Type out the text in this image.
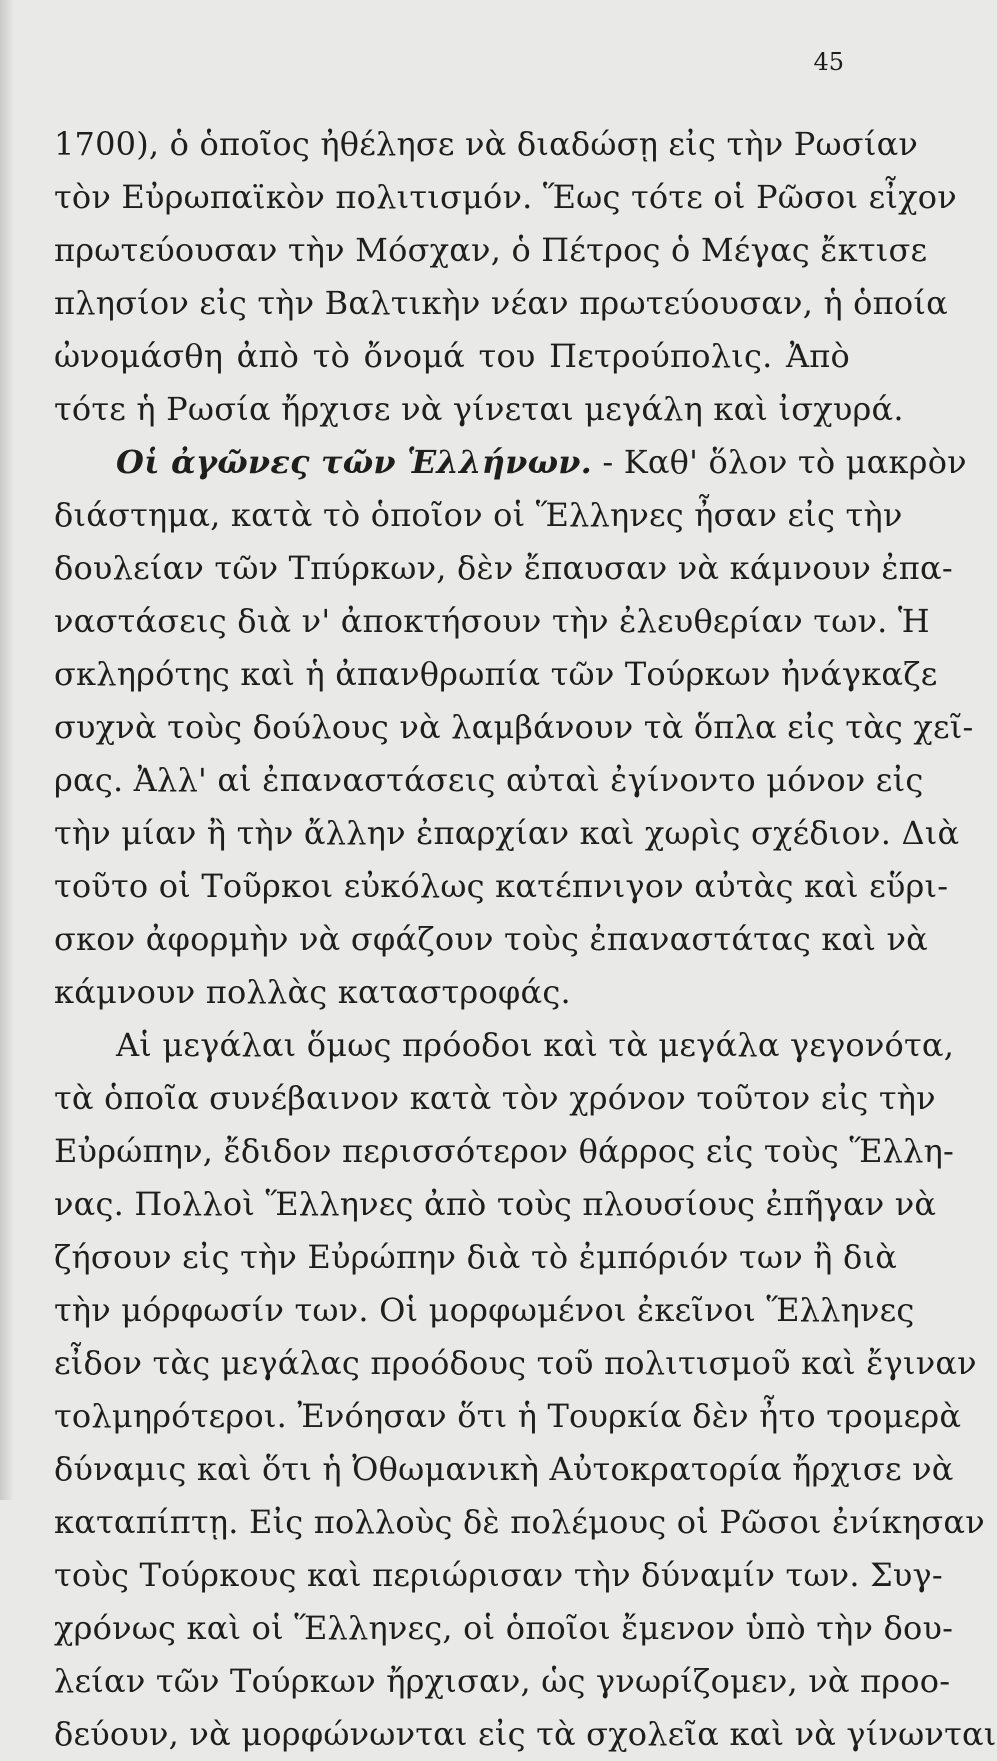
45
1700), ὁ ὁποῖος ἠθέλησε νὰ διαδώσῃ εἰς τὴν Ρωσίαν
τὸν Εὐρωπαϊκὸν πολιτισμόν. Ἕως τότε οἱ Ρῶσοι εἶχον
πρωτεύουσαν τὴν Μόσχαν, ὁ Πέτρος ὁ Μέγας ἔκτισε
πλησίον εἰς τὴν Βαλτικὴν νέαν πρωτεύουσαν, ἡ ὁποία
ὠνομάσθη ἀπὸ τὸ ὄνομά του Πετρούπολις. Ἀπὸ
τότε ἡ Ρωσία ἤρχισε νὰ γίνεται μεγάλη καὶ ἰσχυρά.
Οἱ ἀγῶνες τῶν Ἑλλήνων. - Καθ' ὅλον τὸ μακρὸν
διάστημα, κατὰ τὸ ὁποῖον οἱ Ἕλληνες ἦσαν εἰς τὴν
δουλείαν τῶν Τπύρκων, δὲν ἔπαυσαν νὰ κάμνουν ἐπα-
ναστάσεις διὰ ν' ἀποκτήσουν τὴν ἐλευθερίαν των. Ἡ
σκληρότης καὶ ἡ ἀπανθρωπία τῶν Τούρκων ἠνάγκαζε
συχνὰ τοὺς δούλους νὰ λαμβάνουν τὰ ὅπλα εἰς τὰς χεῖ-
ρας. Ἀλλ' αἱ ἐπαναστάσεις αὐταὶ ἐγίνοντο μόνον εἰς
τὴν μίαν ἢ τὴν ἄλλην ἐπαρχίαν καὶ χωρὶς σχέδιον. Διὰ
τοῦτο οἱ Τοῦρκοι εὐκόλως κατέπνιγον αὐτὰς καὶ εὕρι-
σκον ἀφορμὴν νὰ σφάζουν τοὺς ἐπαναστάτας καὶ νὰ
κάμνουν πολλὰς καταστροφάς.
Αἱ μεγάλαι ὅμως πρόοδοι καὶ τὰ μεγάλα γεγονότα,
τὰ ὁποῖα συνέβαινον κατὰ τὸν χρόνον τοῦτον εἰς τὴν
Εὐρώπην, ἔδιδον περισσότερον θάρρος εἰς τοὺς Ἕλλη-
νας. Πολλοὶ Ἕλληνες ἀπὸ τοὺς πλουσίους ἐπῆγαν νὰ
ζήσουν εἰς τὴν Εὐρώπην διὰ τὸ ἐμπόριόν των ἢ διὰ
τὴν μόρφωσίν των. Οἱ μορφωμένοι ἐκεῖνοι Ἕλληνες
εἶδον τὰς μεγάλας προόδους τοῦ πολιτισμοῦ καὶ ἔγιναν
τολμηρότεροι. Ἐνόησαν ὅτι ἡ Τουρκία δὲν ἦτο τρομερὰ
δύναμις καὶ ὅτι ἡ Ὀθωμανικὴ Αὐτοκρατορία ἤρχισε νὰ
καταπίπτῃ. Εἰς πολλοὺς δὲ πολέμους οἱ Ρῶσοι ἐνίκησαν
τοὺς Τούρκους καὶ περιώρισαν τὴν δύναμίν των. Συγ-
χρόνως καὶ οἱ Ἕλληνες, οἱ ὁποῖοι ἔμενον ὑπὸ τὴν δου-
λείαν τῶν Τούρκων ἤρχισαν, ὡς γνωρίζομεν, νὰ προο-
δεύουν, νὰ μορφώνωνται εἰς τὰ σχολεῖα καὶ νὰ γίνωνται
